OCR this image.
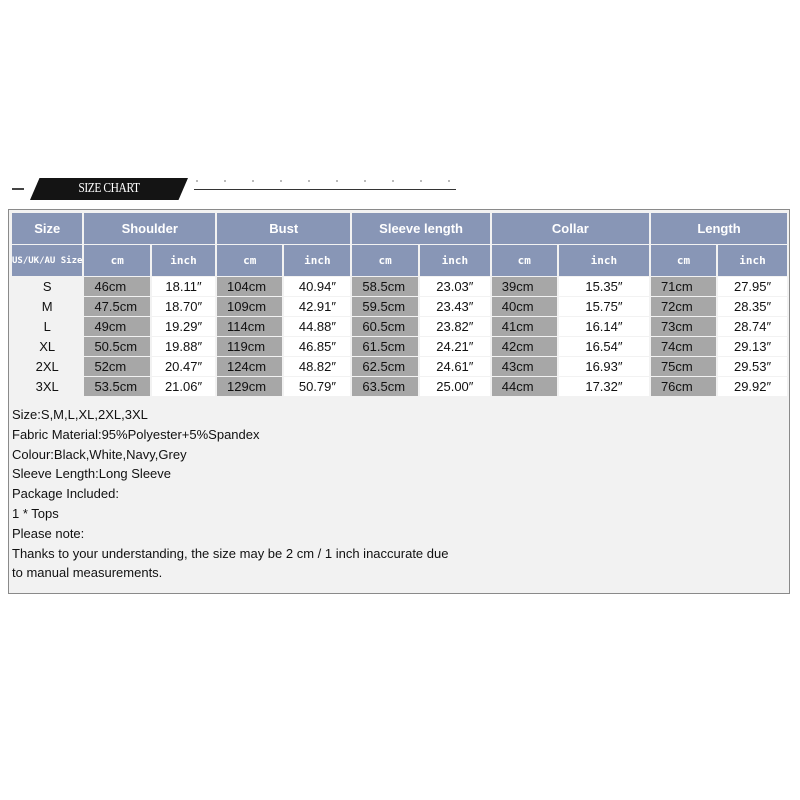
SIZE CHART
Size	Shoulder		Bust		Sleeve length		Collar		Length	
US/UK/AU Size	cm	inch	cm	inch	cm	inch	cm	inch	cm	inch
S	46cm	18.11″	104cm	40.94″	58.5cm	23.03″	39cm	15.35″	71cm	27.95″
M	47.5cm	18.70″	109cm	42.91″	59.5cm	23.43″	40cm	15.75″	72cm	28.35″
L	49cm	19.29″	114cm	44.88″	60.5cm	23.82″	41cm	16.14″	73cm	28.74″
XL	50.5cm	19.88″	119cm	46.85″	61.5cm	24.21″	42cm	16.54″	74cm	29.13″
2XL	52cm	20.47″	124cm	48.82″	62.5cm	24.61″	43cm	16.93″	75cm	29.53″
3XL	53.5cm	21.06″	129cm	50.79″	63.5cm	25.00″	44cm	17.32″	76cm	29.92″
Size:S,M,L,XL,2XL,3XL
Fabric Material:95%Polyester+5%Spandex
Colour:Black,White,Navy,Grey
Sleeve Length:Long Sleeve
Package Included:
1 * Tops
Please note:
Thanks to your understanding, the size may be 2 cm / 1 inch inaccurate due
to manual measurements.
